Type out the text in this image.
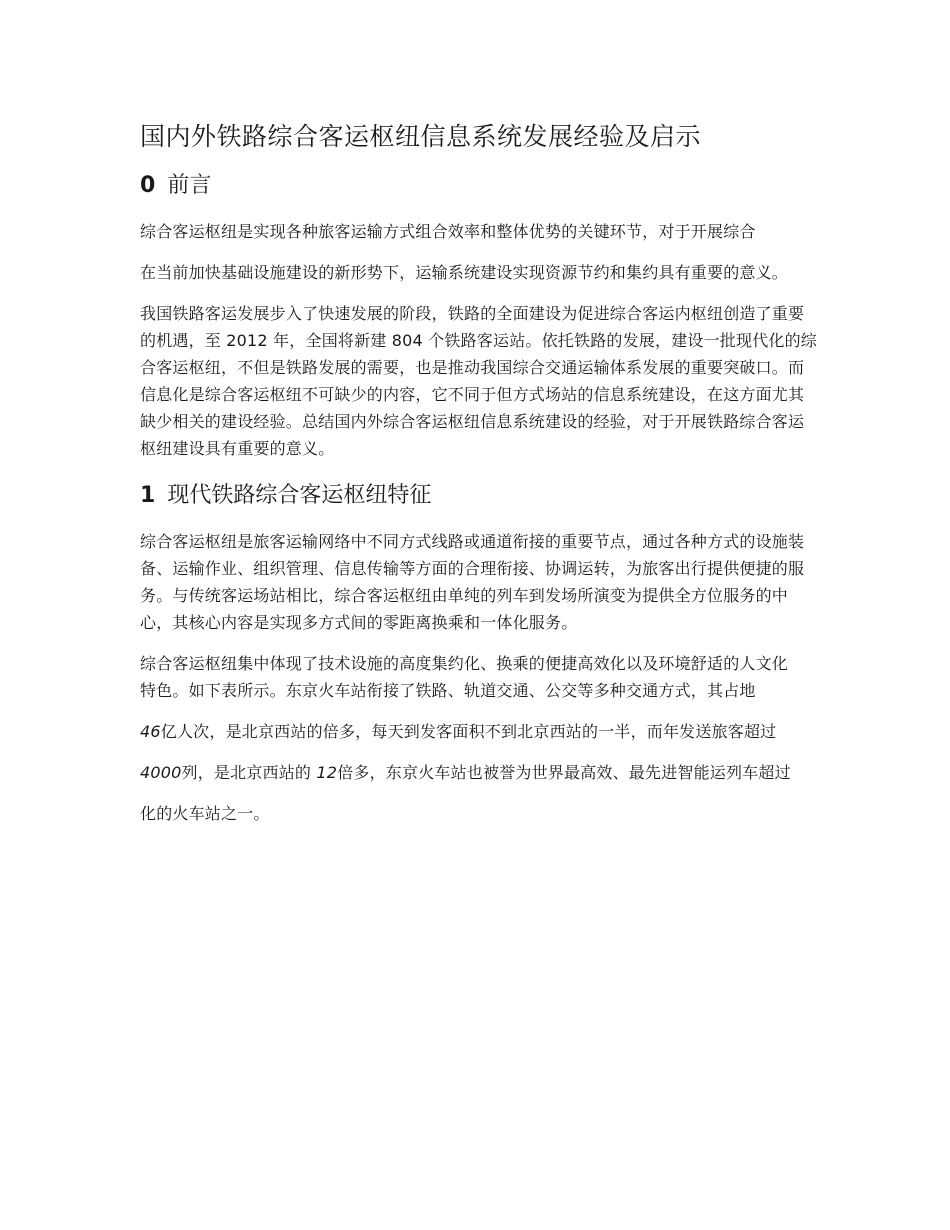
国内外铁路综合客运枢纽信息系统发展经验及启示
0 前言

综合客运枢纽是实现各种旅客运输方式组合效率和整体优势的关键环节，对于开展综合

在当前加快基础设施建设的新形势下，运输系统建设实现资源节约和集约具有重要的意义。

我国铁路客运发展步入了快速发展的阶段，铁路的全面建设为促进综合客运内枢纽创造了重要的机遇，至 2012 年，全国将新建 804 个铁路客运站。依托铁路的发展，建设一批现代化的综合客运枢纽，不但是铁路发展的需要，也是推动我国综合交通运输体系发展的重要突破口。而信息化是综合客运枢纽不可缺少的内容，它不同于但方式场站的信息系统建设，在这方面尤其缺少相关的建设经验。总结国内外综合客运枢纽信息系统建设的经验，对于开展铁路综合客运枢纽建设具有重要的意义。

1 现代铁路综合客运枢纽特征

综合客运枢纽是旅客运输网络中不同方式线路或通道衔接的重要节点，通过各种方式的设施装备、运输作业、组织管理、信息传输等方面的合理衔接、协调运转，为旅客出行提供便捷的服务。与传统客运场站相比，综合客运枢纽由单纯的列车到发场所演变为提供全方位服务的中心，其核心内容是实现多方式间的零距离换乘和一体化服务。

综合客运枢纽集中体现了技术设施的高度集约化、换乘的便捷高效化以及环境舒适的人文化特色。如下表所示。东京火车站衔接了铁路、轨道交通、公交等多种交通方式，其占地

46亿人次，是北京西站的倍多，每天到发客面积不到北京西站的一半，而年发送旅客超过

4000列，是北京西站的 12倍多，东京火车站也被誉为世界最高效、最先进智能运列车超过

化的火车站之一。
